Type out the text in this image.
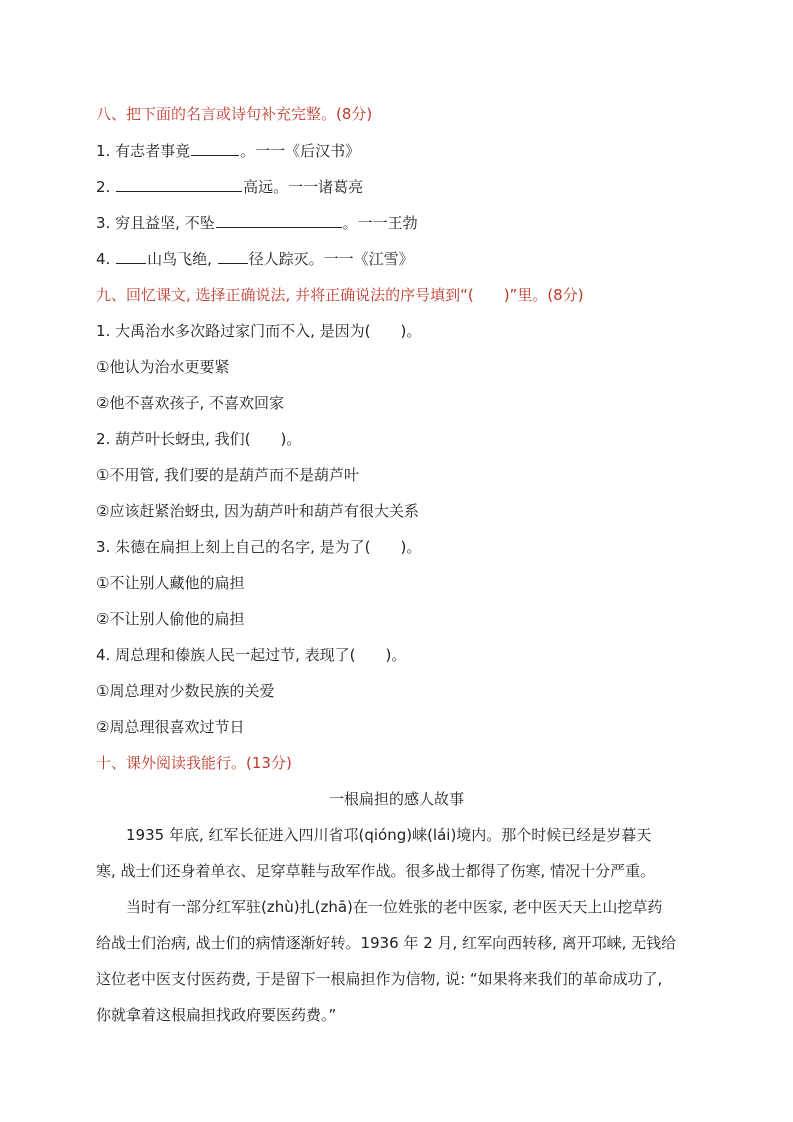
八、把下面的名言或诗句补充完整。(8分)
1. 有志者事竟	。一一《后汉书》
2.	高远。一一诸葛亮
3. 穷且益坚, 不坠	。一一王勃
4. 山鸟飞绝, 径人踪灭。一一《江雪》
九、回忆课文, 选择正确说法, 并将正确说法的序号填到“(　　)”里。(8分)
1. 大禹治水多次路过家门而不入, 是因为(　　)。
①他认为治水更要紧
②他不喜欢孩子, 不喜欢回家
2. 葫芦叶长蚜虫, 我们(　　)。
①不用管, 我们要的是葫芦而不是葫芦叶
②应该赶紧治蚜虫, 因为葫芦叶和葫芦有很大关系
3. 朱德在扁担上刻上自己的名字, 是为了(　　)。
①不让别人藏他的扁担
②不让别人偷他的扁担
4. 周总理和傣族人民一起过节, 表现了(　　)。
①周总理对少数民族的关爱
②周总理很喜欢过节日
十、课外阅读我能行。(13分)
一根扁担的感人故事
1935 年底, 红军长征进入四川省邛(qióng)崃(lái)境内。那个时候已经是岁暮天
寒, 战士们还身着单衣、足穿草鞋与敌军作战。很多战士都得了伤寒, 情况十分严重。
当时有一部分红军驻(zhù)扎(zhā)在一位姓张的老中医家, 老中医天天上山挖草药
给战士们治病, 战士们的病情逐渐好转。1936 年 2 月, 红军向西转移, 离开邛崃, 无钱给
这位老中医支付医药费, 于是留下一根扁担作为信物, 说: “如果将来我们的革命成功了,
你就拿着这根扁担找政府要医药费。”
